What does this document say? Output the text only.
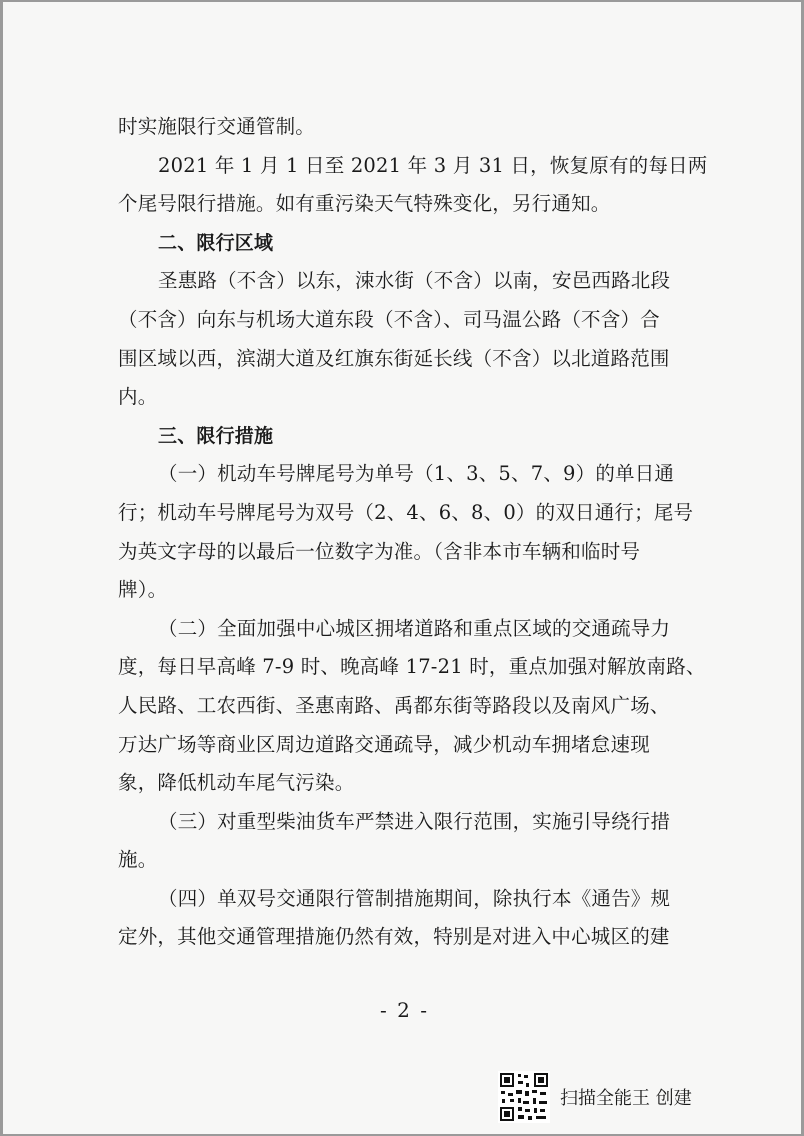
时实施限行交通管制。
2021 年 1 月 1 日至 2021 年 3 月 31 日，恢复原有的每日两
个尾号限行措施。如有重污染天气特殊变化，另行通知。
二、限行区域
圣惠路（不含）以东，涑水街（不含）以南，安邑西路北段
（不含）向东与机场大道东段（不含）、司马温公路（不含）合
围区域以西，滨湖大道及红旗东街延长线（不含）以北道路范围
内。
三、限行措施
（一）机动车号牌尾号为单号（1、3、5、7、9）的单日通
行；机动车号牌尾号为双号（2、4、6、8、0）的双日通行；尾号
为英文字母的以最后一位数字为准。（含非本市车辆和临时号
牌）。
（二）全面加强中心城区拥堵道路和重点区域的交通疏导力
度，每日早高峰 7-9 时、晚高峰 17-21 时，重点加强对解放南路、
人民路、工农西街、圣惠南路、禹都东街等路段以及南风广场、
万达广场等商业区周边道路交通疏导，减少机动车拥堵怠速现
象，降低机动车尾气污染。
（三）对重型柴油货车严禁进入限行范围，实施引导绕行措
施。
（四）单双号交通限行管制措施期间，除执行本《通告》规
定外，其他交通管理措施仍然有效，特别是对进入中心城区的建
- 2 -
扫描全能王 创建
